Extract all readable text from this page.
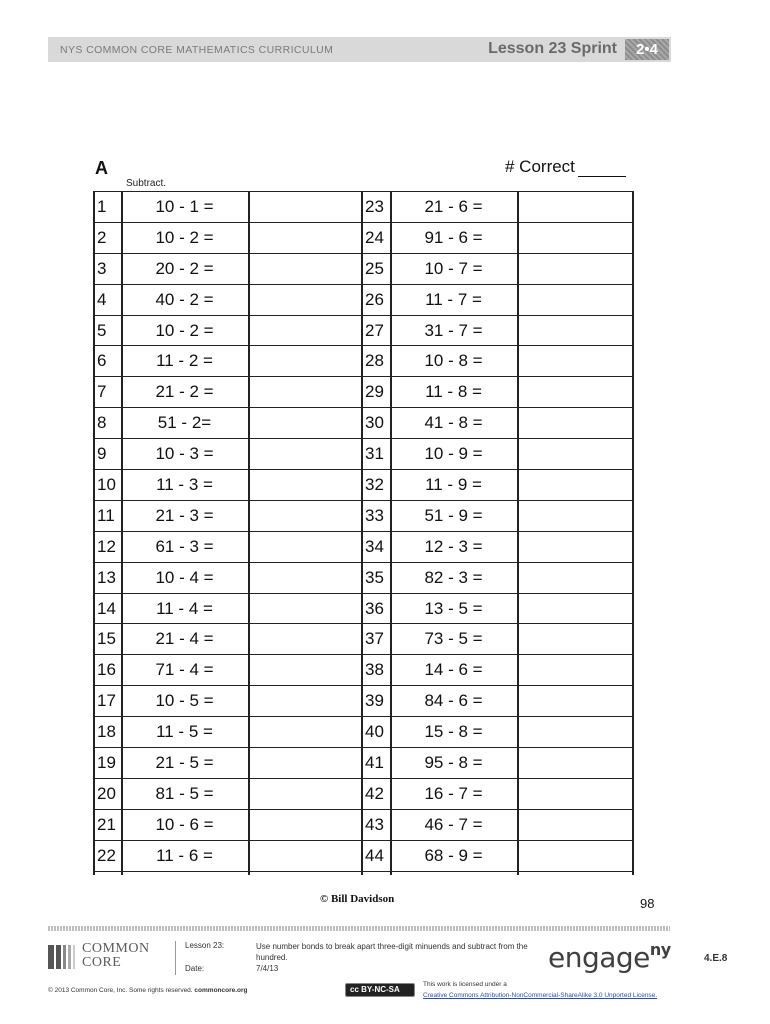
NYS COMMON CORE MATHEMATICS CURRICULUM	Lesson 23 Sprint	2•4
A
Subtract.
# Correct
1	10 - 1 =	23	21 - 6 =
2	10 - 2 =	24	91 - 6 =
3	20 - 2 =	25	10 - 7 =
4	40 - 2 =	26	11 - 7 =
5	10 - 2 =	27	31 - 7 =
6	11 - 2 =	28	10 - 8 =
7	21 - 2 =	29	11 - 8 =
8	51 - 2=	30	41 - 8 =
9	10 - 3 =	31	10 - 9 =
10	11 - 3 =	32	11 - 9 =
11	21 - 3 =	33	51 - 9 =
12	61 - 3 =	34	12 - 3 =
13	10 - 4 =	35	82 - 3 =
14	11 - 4 =	36	13 - 5 =
15	21 - 4 =	37	73 - 5 =
16	71 - 4 =	38	14 - 6 =
17	10 - 5 =	39	84 - 6 =
18	11 - 5 =	40	15 - 8 =
19	21 - 5 =	41	95 - 8 =
20	81 - 5 =	42	16 - 7 =
21	10 - 6 =	43	46 - 7 =
22	11 - 6 =	44	68 - 9 =
© Bill Davidson	98
COMMON
CORE
Lesson 23:
Date:
Use number bonds to break apart three-digit minuends and subtract from the hundred.
7/4/13	engage$^{ny}$	4.E.8
© 2013 Common Core, Inc. Some rights reserved. commoncore.org	cc BY-NC-SA
This work is licensed under a
Creative Commons Attribution-NonCommercial-ShareAlike 3.0 Unported License.
